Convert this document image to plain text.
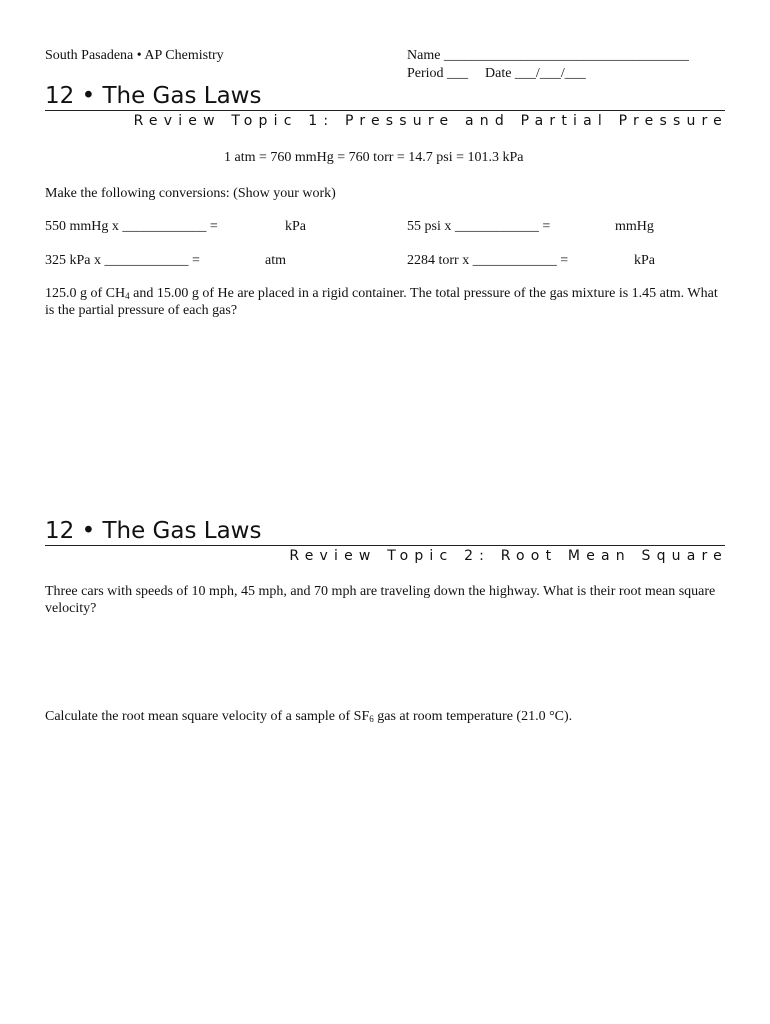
South Pasadena • AP Chemistry	Name ___________________________________
Period ___ Date ___/___/___
12 • The Gas Laws
Review Topic 1: Pressure and Partial Pressure
1 atm = 760 mmHg = 760 torr = 14.7 psi = 101.3 kPa
Make the following conversions: (Show your work)
550 mmHg x ____________ =	kPa	55 psi x ____________ =	mmHg
325 kPa x ____________ =	atm	2284 torr x ____________ =	kPa
125.0 g of $CH_4$ and 15.00 g of He are placed in a rigid container. The total pressure of the gas mixture is 1.45 atm. What is the partial pressure of each gas?
12 • The Gas Laws
Review Topic 2: Root Mean Square
Three cars with speeds of 10 mph, 45 mph, and 70 mph are traveling down the highway. What is their root mean square velocity?
Calculate the root mean square velocity of a sample of $SF_6$ gas at room temperature (21.0 °C).
